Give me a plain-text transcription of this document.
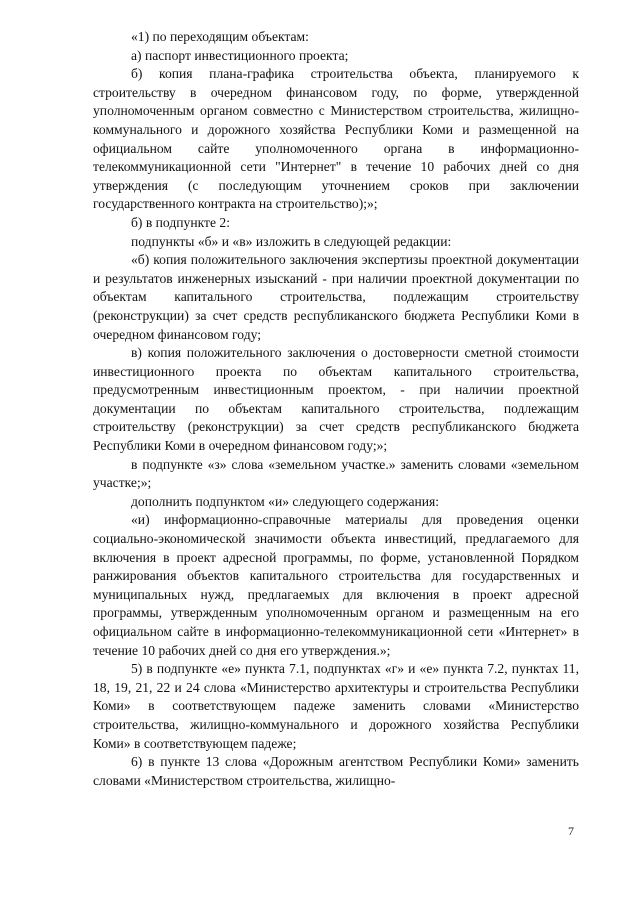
«1) по переходящим объектам:

а) паспорт инвестиционного проекта;

б) копия плана-графика строительства объекта, планируемого к строительству в очередном финансовом году, по форме, утвержденной уполномоченным органом совместно с Министерством строительства, жилищно-коммунального и дорожного хозяйства Республики Коми и размещенной на официальном сайте уполномоченного органа в информационно-телекоммуникационной сети "Интернет" в течение 10 рабочих дней со дня утверждения (с последующим уточнением сроков при заключении государственного контракта на строительство);»;

б) в подпункте 2:

подпункты «б» и «в» изложить в следующей редакции:

«б) копия положительного заключения экспертизы проектной документации и результатов инженерных изысканий - при наличии проектной документации по объектам капитального строительства, подлежащим строительству (реконструкции) за счет средств республиканского бюджета Республики Коми в очередном финансовом году;

в) копия положительного заключения о достоверности сметной стоимости инвестиционного проекта по объектам капитального строительства, предусмотренным инвестиционным проектом, - при наличии проектной документации по объектам капитального строительства, подлежащим строительству (реконструкции) за счет средств республиканского бюджета Республики Коми в очередном финансовом году;»;

в подпункте «з» слова «земельном участке.» заменить словами «земельном участке;»;

дополнить подпунктом «и» следующего содержания:

«и) информационно-справочные материалы для проведения оценки социально-экономической значимости объекта инвестиций, предлагаемого для включения в проект адресной программы, по форме, установленной Порядком ранжирования объектов капитального строительства для государственных и муниципальных нужд, предлагаемых для включения в проект адресной программы, утвержденным уполномоченным органом и размещенным на его официальном сайте в информационно-телекоммуникационной сети «Интернет» в течение 10 рабочих дней со дня его утверждения.»;

5) в подпункте «е» пункта 7.1, подпунктах «г» и «е» пункта 7.2, пунктах 11, 18, 19, 21, 22 и 24 слова «Министерство архитектуры и строительства Республики Коми» в соответствующем падеже заменить словами «Министерство строительства, жилищно-коммунального и дорожного хозяйства Республики Коми» в соответствующем падеже;

6) в пункте 13 слова «Дорожным агентством Республики Коми» заменить словами «Министерством строительства, жилищно-

7
